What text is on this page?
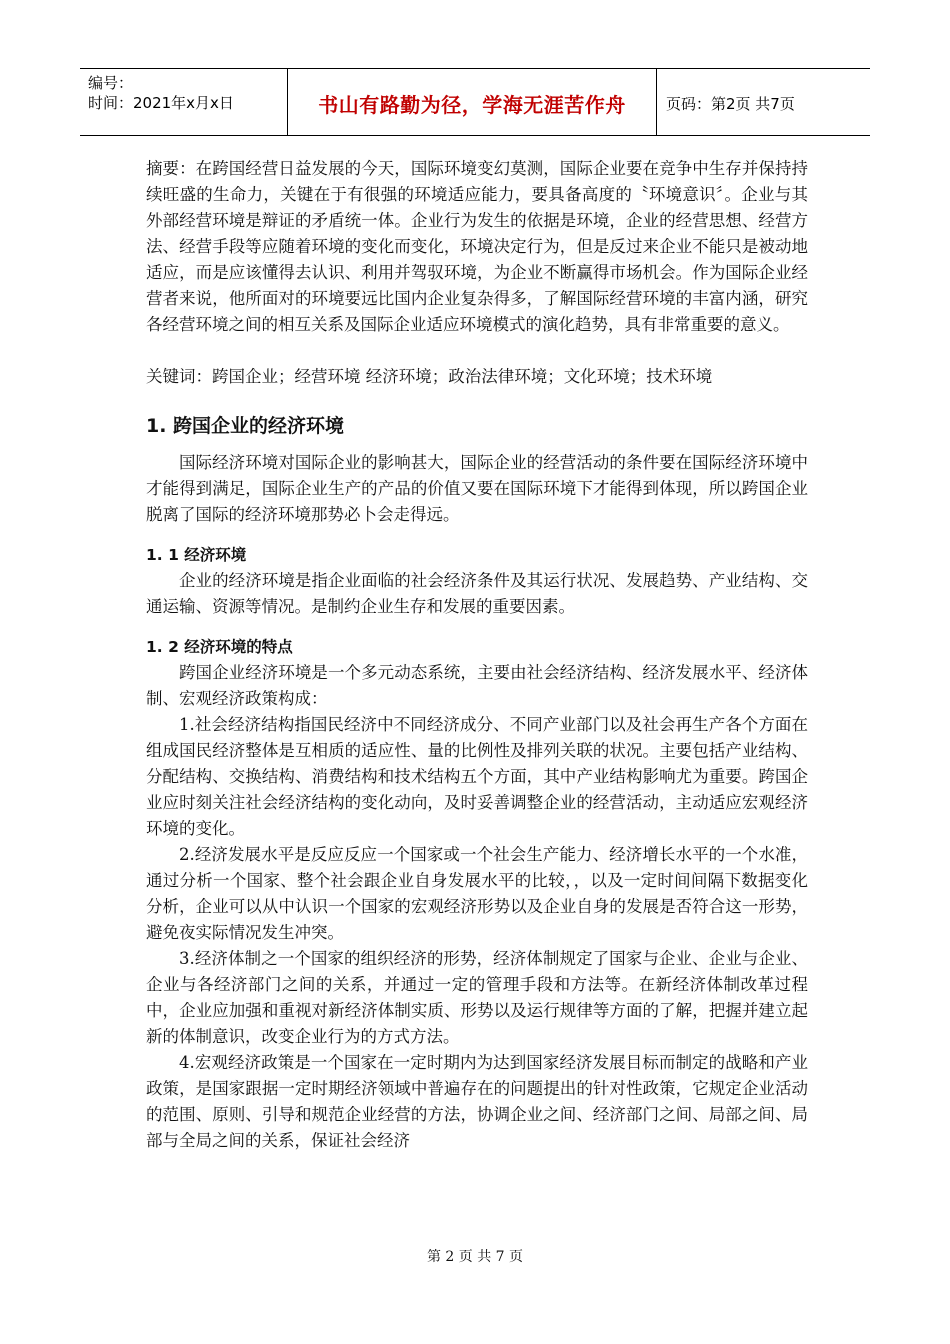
编号：
时间：2021年x月x日	书山有路勤为径，学海无涯苦作舟	页码：第2页 共7页

摘要：在跨国经营日益发展的今天，国际环境变幻莫测，国际企业要在竞争中生存并保持持续旺盛的生命力，关键在于有很强的环境适应能力，要具备高度的〝环境意识〞。企业与其外部经营环境是辩证的矛盾统一体。企业行为发生的依据是环境，企业的经营思想、经营方法、经营手段等应随着环境的变化而变化，环境决定行为，但是反过来企业不能只是被动地适应，而是应该懂得去认识、利用并驾驭环境，为企业不断赢得市场机会。作为国际企业经营者来说，他所面对的环境要远比国内企业复杂得多，了解国际经营环境的丰富内涵，研究各经营环境之间的相互关系及国际企业适应环境模式的演化趋势，具有非常重要的意义。

关键词：跨国企业；经营环境 经济环境；政治法律环境；文化环境；技术环境

1. 跨国企业的经济环境

国际经济环境对国际企业的影响甚大，国际企业的经营活动的条件要在国际经济环境中才能得到满足，国际企业生产的产品的价值又要在国际环境下才能得到体现，所以跨国企业脱离了国际的经济环境那势必卜会走得远。

1. 1 经济环境

企业的经济环境是指企业面临的社会经济条件及其运行状况、发展趋势、产业结构、交通运输、资源等情况。是制约企业生存和发展的重要因素。

1. 2 经济环境的特点

跨国企业经济环境是一个多元动态系统，主要由社会经济结构、经济发展水平、经济体制、宏观经济政策构成：

1.社会经济结构指国民经济中不同经济成分、不同产业部门以及社会再生产各个方面在组成国民经济整体是互相质的适应性、量的比例性及排列关联的状况。主要包括产业结构、分配结构、交换结构、消费结构和技术结构五个方面，其中产业结构影响尤为重要。跨国企业应时刻关注社会经济结构的变化动向，及时妥善调整企业的经营活动，主动适应宏观经济环境的变化。

2.经济发展水平是反应反应一个国家或一个社会生产能力、经济增长水平的一个水准，通过分析一个国家、整个社会跟企业自身发展水平的比较，，以及一定时间间隔下数据变化分析，企业可以从中认识一个国家的宏观经济形势以及企业自身的发展是否符合这一形势，避免夜实际情况发生冲突。

3.经济体制之一个国家的组织经济的形势，经济体制规定了国家与企业、企业与企业、企业与各经济部门之间的关系，并通过一定的管理手段和方法等。在新经济体制改革过程中，企业应加强和重视对新经济体制实质、形势以及运行规律等方面的了解，把握并建立起新的体制意识，改变企业行为的方式方法。

4.宏观经济政策是一个国家在一定时期内为达到国家经济发展目标而制定的战略和产业政策，是国家跟据一定时期经济领域中普遍存在的问题提出的针对性政策，它规定企业活动的范围、原则、引导和规范企业经营的方法，协调企业之间、经济部门之间、局部之间、局部与全局之间的关系，保证社会经济

第 2 页 共 7 页
